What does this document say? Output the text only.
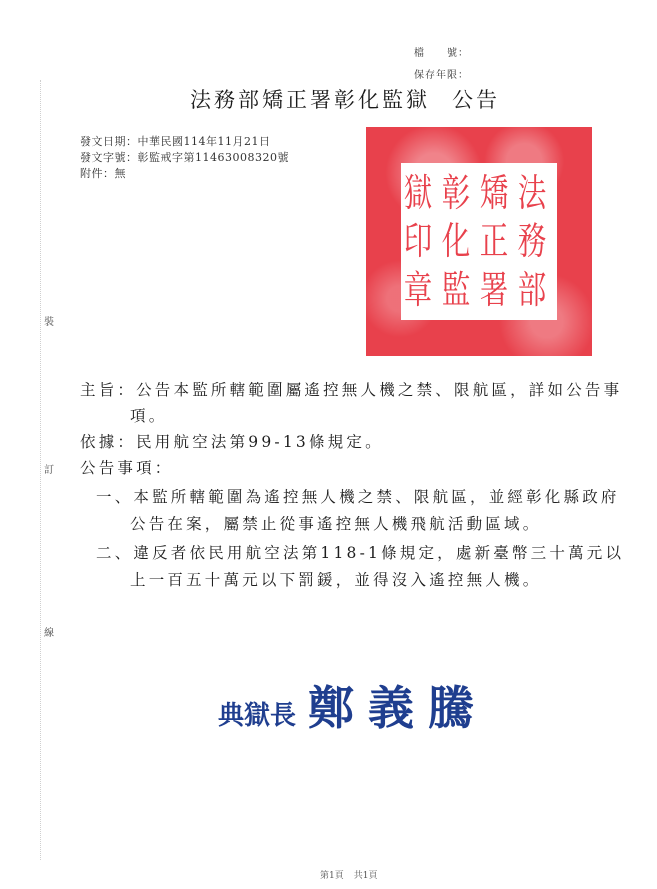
裝
訂
線
檔　　號：
保存年限：
法務部矯正署彰化監獄 公告
發文日期：中華民國114年11月21日
發文字號：彰監戒字第11463008320號
附件：無	法
務
部
矯
正
署
彰
化
監
獄
印
章
主旨：公告本監所轄範圍屬遙控無人機之禁、限航區，詳如公告事
項。
依據：民用航空法第99-13條規定。
公告事項：
一、本監所轄範圍為遙控無人機之禁、限航區，並經彰化縣政府
公告在案，屬禁止從事遙控無人機飛航活動區域。
二、違反者依民用航空法第118-1條規定，處新臺幣三十萬元以
上一百五十萬元以下罰鍰，並得沒入遙控無人機。
典獄長 鄭義騰
第1頁 共1頁
